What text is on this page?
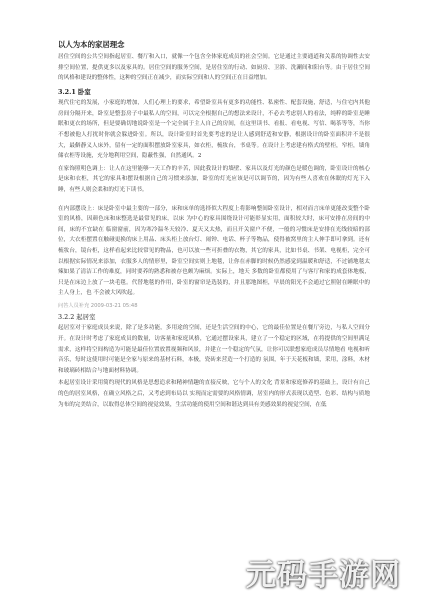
以人为本的家居理念

居住空间的公共空间指起居室、餐厅和入口，就像一个包含全体家庭成员的社会空间。它是通过主要通道和关系的协调性去安排空间位置，提供更多以及家具的。居住空间的服务空间，是居住室的行动、如厨房、卫浴、洗涮间和阳台等。由于居住空间的风格和建设的整体性，这种的空间正在减少，而实际空间和人的空间正在日益增加。

3.2.1 卧室

现代住宅的发展，小家庭的增加，人们心理上的要求，希望卧室具有更多的功能性、私密性、配套设施，舒适，与住宅内其他房间分隔开来，卧室是整套房子中最私人的空间，可以完全根据自己的想法来设计，不必去考虑别人的看法，纯粹的卧室是睡眠和更衣的场所，但是要确切地说卧室是一个完全属于主人自己的房间，在这里读书、看报、看电视、写信、喝茶等等，当你不想被他人打扰时你就会躲进卧室。所以，设计卧室时首先要考虑的是让人感到舒适和安静，根据设计的卧室面积并不是很大，最僻静义人床外，留有一定的面积摆放卧室家具，如衣柜，梳妆台，书桌等。在设计上考虑建有格式的壁柜，窄柜，墙角储衣柜等设施，充分地利用空间，隐蔽性强，自然通风。2

在家饰照明色调上：让人在这里能够一天工作的辛苦，因此我设计的墙壁、家具以及灯光的颜色是暖色调的，卧室设计的核心是床和衣柜，其它的家具和摆设根据自己的习惯来添加，卧室的灯光应该是可以调节的，因为有些人喜欢在休眠的灯光下入睡，有些人则会柔和的灯光下读书。

在内部摆设上：床是卧室中最主要的一部分，床和床单的选择似大程度上将影响整间卧室设计，相对而言床单更能改变整个卧室的风格，因颜色床和床整选是最常见的床，以床 为中心的家具围绕设计可能彰显实用，面积较大时，床可安排在房间的中间，床的不宜缺在 临窗窗前，因为寒冷温冬天较冷、夏天又太热，而且开关窗户不便，一般的习惯床是安排在光线较暗的部位，大衣柜摆置在触碰更换的床上用品、床头柜上放台灯、闹钟、电话、杯子等物品，使得被窝里的主人伸手即可拿到。还有梳妆台，镜台柜，这样看起来比较常见的物品，也可以放一些可折叠的衣物，其它的家具，比如书桌、书架、电视柜，完全可以根据实际情况来添加，衣服多人的情形里，卧室空间实则上地毯，让你在赤脚的时候仍然感觉到温暖和舒适，不过铺地毯太辣如果了清洁工作的难度，同时要养的熟悉和被存也颇为麻烦。实际上，地天 多数的卧室都使用了与客厅和家的成套体地板，只是在床边上放了一块毛毯。代替地毯的作用，卧室的窗帘是选装的，并且那地图柜，早晨的阳光不会通过它照射在睡眠中的主人身上，也 不会被大风吹起。

问答人员补充 2009-03-21 05:48
3.2.2 起居室

起居室对于家庭成员来说，除了是多功能，多用途的空间，还是生活空间的中心，它的最佳位置是在餐厅旁边，与私人空间分开。在设计时考虑了家庭成员的数量，访客量和家庭风格，它通过摆设家具，建立了一个稳定的区域，在将提供的空间里满足需求，这样将空间构造为可能是最佳位置放置视频和风景，并建立一个稳定的气氛，让你可以联想家庭成员尽情地看 电视和听音乐，每时这使用时可能是全家与原来的基材石料，本极，瓷砖来营造一个打造的 氛围，年于天花板和墙，采用，涂料，木材和玻璃砖相结合与地面材料协调。

本起居室设计采用简约现代的风格是思想追求和精神情趣的直接反映，它与个人的文化 背景和家庭修养的基础上，设计有自己的色的居室风格，在确立风格之后，又考虑到布局以 实现而定需要的风格情调，居室内的形式表现以造型、色彩、结构与质地为布的完美结合，以取得总体空间的视觉效果，生活功能的使用空间和谐达到具有美感效果的视觉空间，在低

元码手游网
